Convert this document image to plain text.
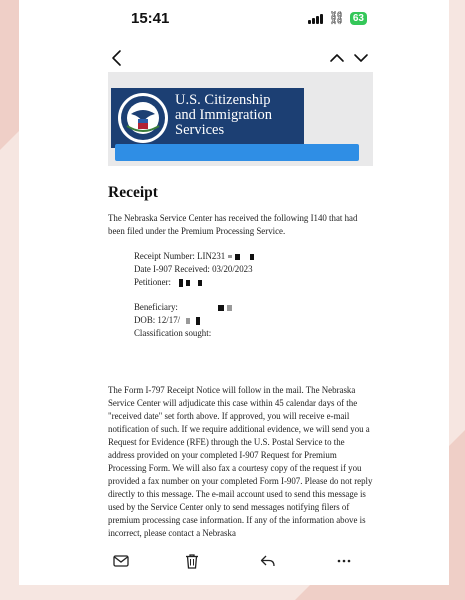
15:41	⛓ 63
U.S. Citizenship
and Immigration
Services
Receipt

The Nebraska Service Center has received the following I140 that had been filed under the Premium Processing Service.

Receipt Number: LIN231
Date I-907 Received: 03/20/2023
Petitioner:
Beneficiary:
DOB: 12/17/
Classification sought:

The Form I-797 Receipt Notice will follow in the mail. The Nebraska Service Center will adjudicate this case within 45 calendar days of the "received date" set forth above. If approved, you will receive e-mail notification of such. If we require additional evidence, we will send you a Request for Evidence (RFE) through the U.S. Postal Service to the address provided on your completed I-907 Request for Premium Processing Form. We will also fax a courtesy copy of the request if you provided a fax number on your completed Form I-907. Please do not reply directly to this message. The e-mail account used to send this message is used by the Service Center only to send messages notifying filers of premium processing case information. If any of the information above is incorrect, please contact a Nebraska
